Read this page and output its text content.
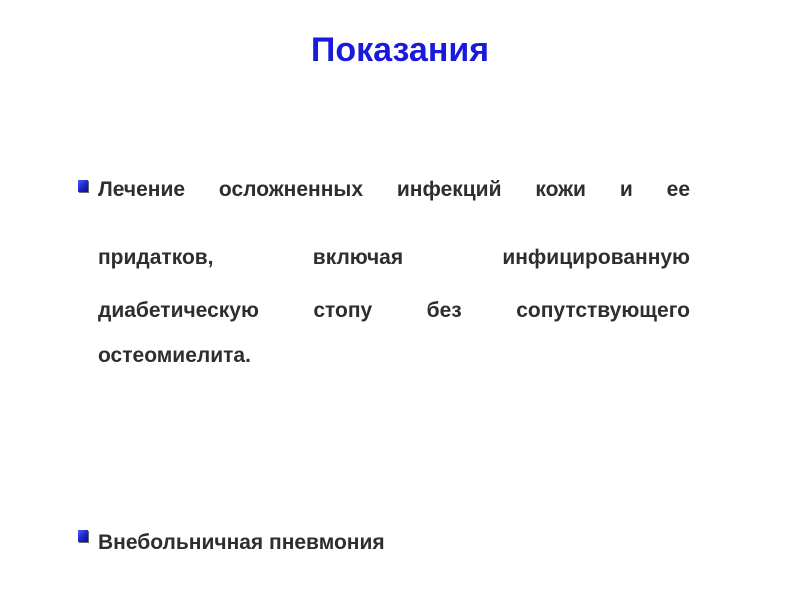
Показания
Лечение осложненных инфекций кожи и ее
придатков, включая инфицированную
диабетическую стопу без сопутствующего
остеомиелита.
Внебольничная пневмония
